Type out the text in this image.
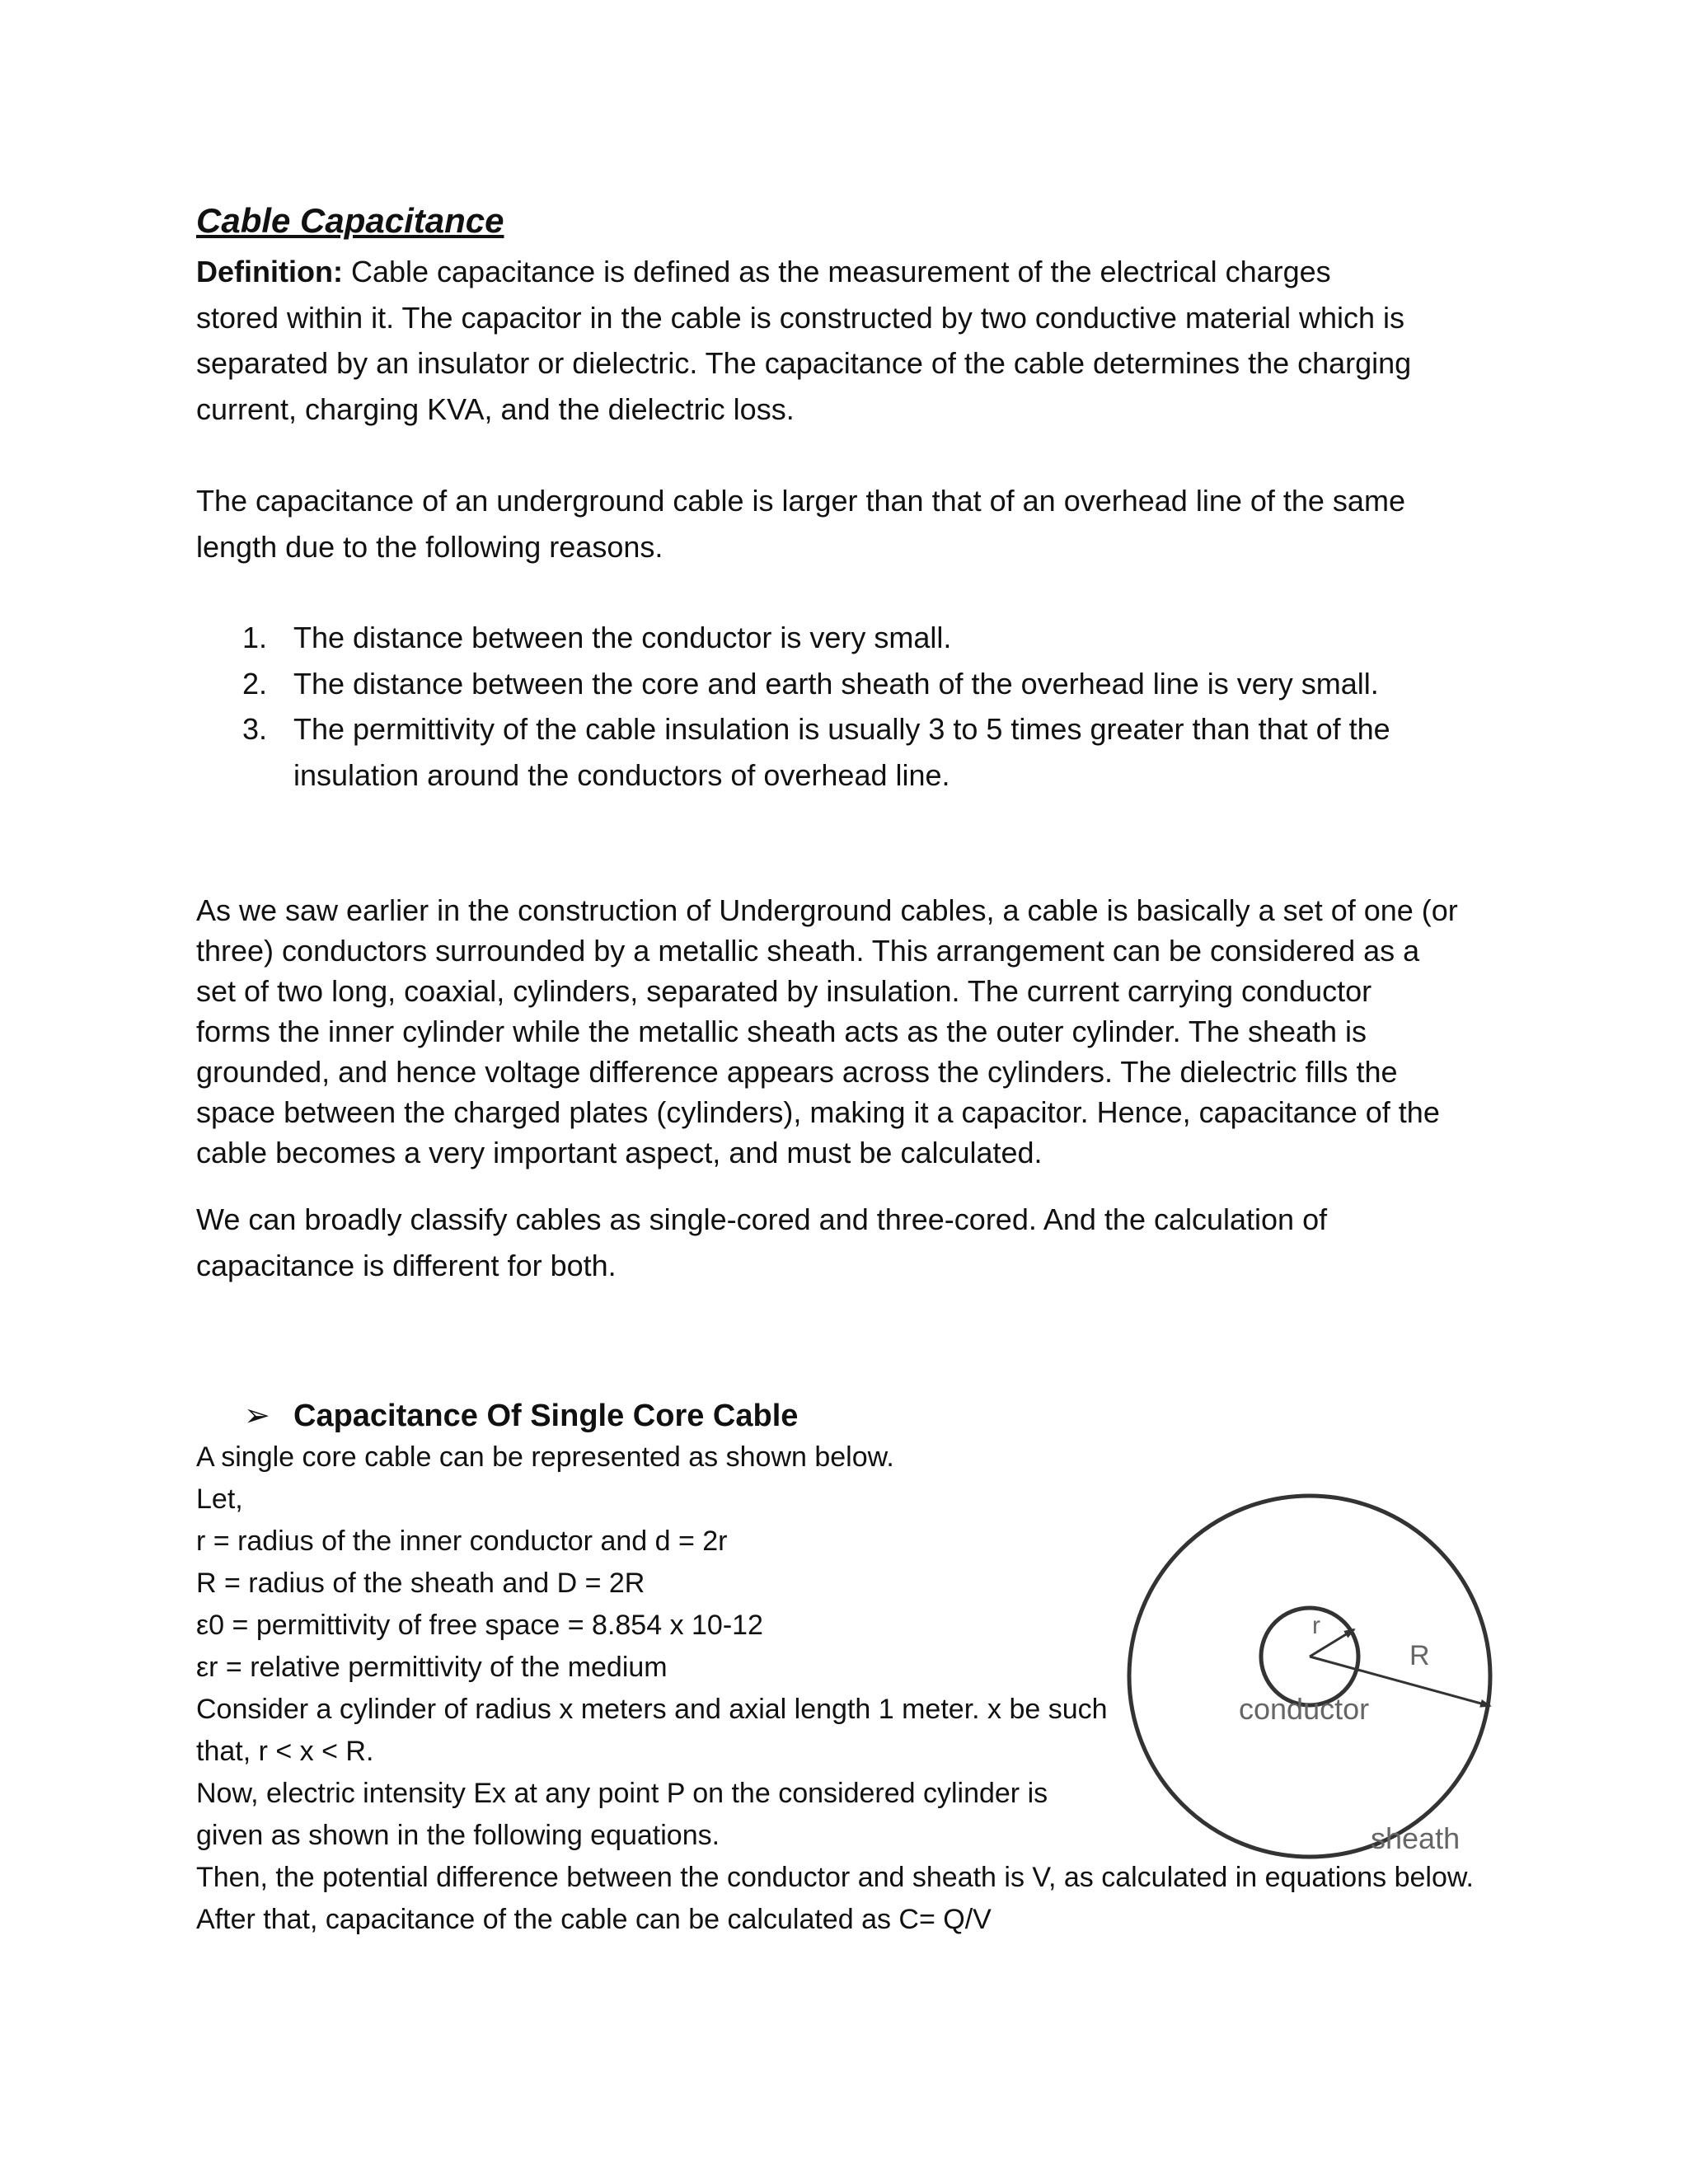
Cable Capacitance

Definition: Cable capacitance is defined as the measurement of the electrical charges
stored within it. The capacitor in the cable is constructed by two conductive material which is
separated by an insulator or dielectric. The capacitance of the cable determines the charging
current, charging KVA, and the dielectric loss.

The capacitance of an underground cable is larger than that of an overhead line of the same
length due to the following reasons.

1. The distance between the conductor is very small.
2. The distance between the core and earth sheath of the overhead line is very small.
3. The permittivity of the cable insulation is usually 3 to 5 times greater than that of the
insulation around the conductors of overhead line.

As we saw earlier in the construction of Underground cables, a cable is basically a set of one (or
three) conductors surrounded by a metallic sheath. This arrangement can be considered as a
set of two long, coaxial, cylinders, separated by insulation. The current carrying conductor
forms the inner cylinder while the metallic sheath acts as the outer cylinder. The sheath is
grounded, and hence voltage difference appears across the cylinders. The dielectric fills the
space between the charged plates (cylinders), making it a capacitor. Hence, capacitance of the
cable becomes a very important aspect, and must be calculated.

We can broadly classify cables as single-cored and three-cored. And the calculation of
capacitance is different for both.

➢ Capacitance Of Single Core Cable
A single core cable can be represented as shown below.
Let,
r = radius of the inner conductor and d = 2r
R = radius of the sheath and D = 2R
ε0 = permittivity of free space = 8.854 x 10-12
εr = relative permittivity of the medium
Consider a cylinder of radius x meters and axial length 1 meter. x be such
that, r < x < R.
Now, electric intensity Ex at any point P on the considered cylinder is
given as shown in the following equations.
Then, the potential difference between the conductor and sheath is V, as calculated in equations below.
After that, capacitance of the cable can be calculated as C= Q/V
r
R
conductor
sheath
